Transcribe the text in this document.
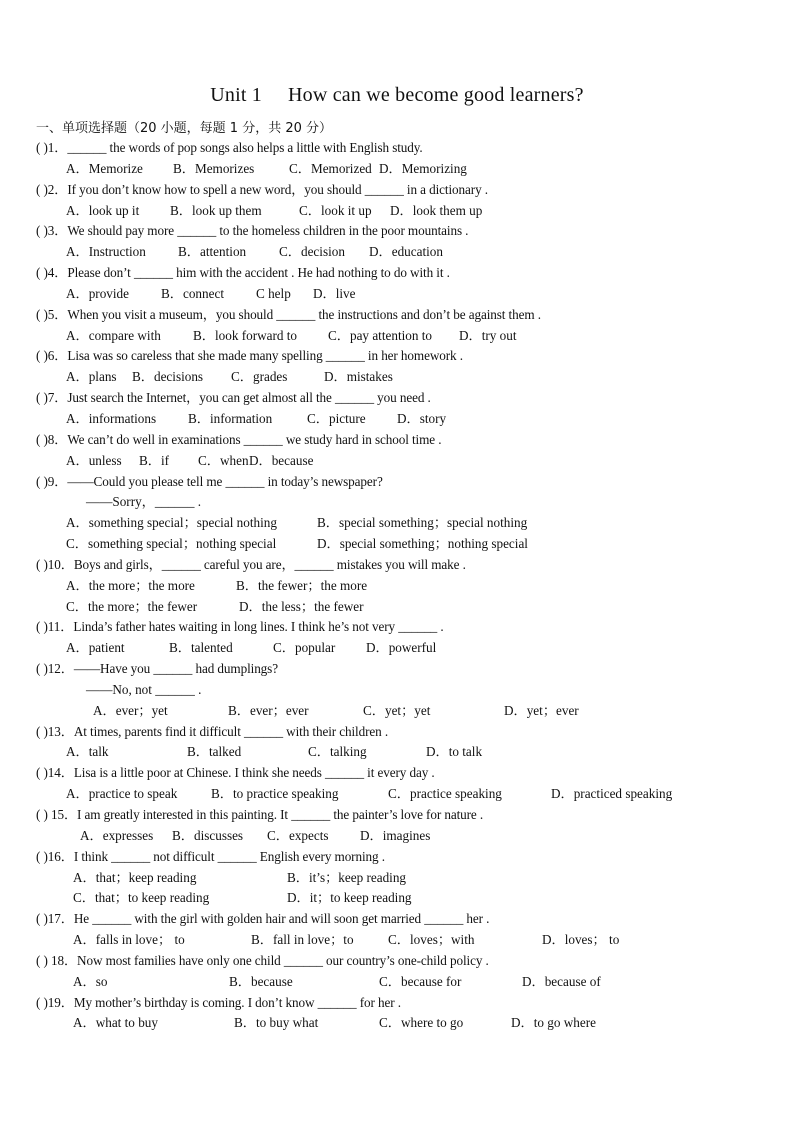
Unit 1 How can we become good learners?
一、单项选择题（20 小题，每题 1 分，共 20 分）
( )1．______ the words of pop songs also helps a little with English study.
A．Memorize B．Memorizes	C．Memorized D．Memorizing
( )2．If you don’t know how to spell a new word，you should ______ in a dictionary .
A．look up it B．look up them	C．look it up D．look them up
( )3．We should pay more ______ to the homeless children in the poor mountains .
A．Instruction B．attention C．decision D．education
( )4．Please don’t ______ him with the accident . He had nothing to do with it .
A．provide B．connect C help D．live
( )5．When you visit a museum，you should ______ the instructions and don’t be against them .
A．compare with B．look forward to C．pay attention to D．try out
( )6．Lisa was so careless that she made many spelling ______ in her homework .
A．plans B．decisions C．grades	D．mistakes
( )7．Just search the Internet，you can get almost all the ______ you need .
A．informations B．information	C．picture D．story
( )8．We can’t do well in examinations ______ we study hard in school time .
A．unless B．if C．when D．because
( )9．——Could you please tell me ______ in today’s newspaper?
——Sorry，______ .
A．something special；special nothing	B．special something；special nothing
C．something special；nothing special	D．special something；nothing special
( )10．Boys and girls，______ careful you are，______ mistakes you will make .
A．the more；the more	B．the fewer；the more
C．the more；the fewer	D．the less；the fewer
( )11．Linda’s father hates waiting in long lines. I think he’s not very ______ .
A．patient	B．talented	C．popular D．powerful
( )12．——Have you ______ had dumplings?
——No, not ______ .
A．ever；yet	B．ever；ever	C．yet；yet	D．yet；ever
( )13．At times, parents find it difficult ______ with their children .
A．talk	B．talked	C．talking	D．to talk
( )14．Lisa is a little poor at Chinese. I think she needs ______ it every day .
A．practice to speak	B．to practice speaking	C．practice speaking	D．practiced speaking
( ) 15．I am greatly interested in this painting. It ______ the painter’s love for nature .
A．expresses B．discusses C．expects D．imagines
( )16．I think ______ not difficult ______ English every morning .
A．that；keep reading	B．it’s；keep reading
C．that；to keep reading	D．it；to keep reading
( )17．He ______ with the girl with golden hair and will soon get married ______ her .
A．falls in love； to	B．fall in love；to	C．loves；with	D．loves； to
( ) 18．Now most families have only one child ______ our country’s one-child policy .
A．so	B．because	C．because for	D．because of
( )19．My mother’s birthday is coming. I don’t know ______ for her .
A．what to buy	B．to buy what	C．where to go	D．to go where
